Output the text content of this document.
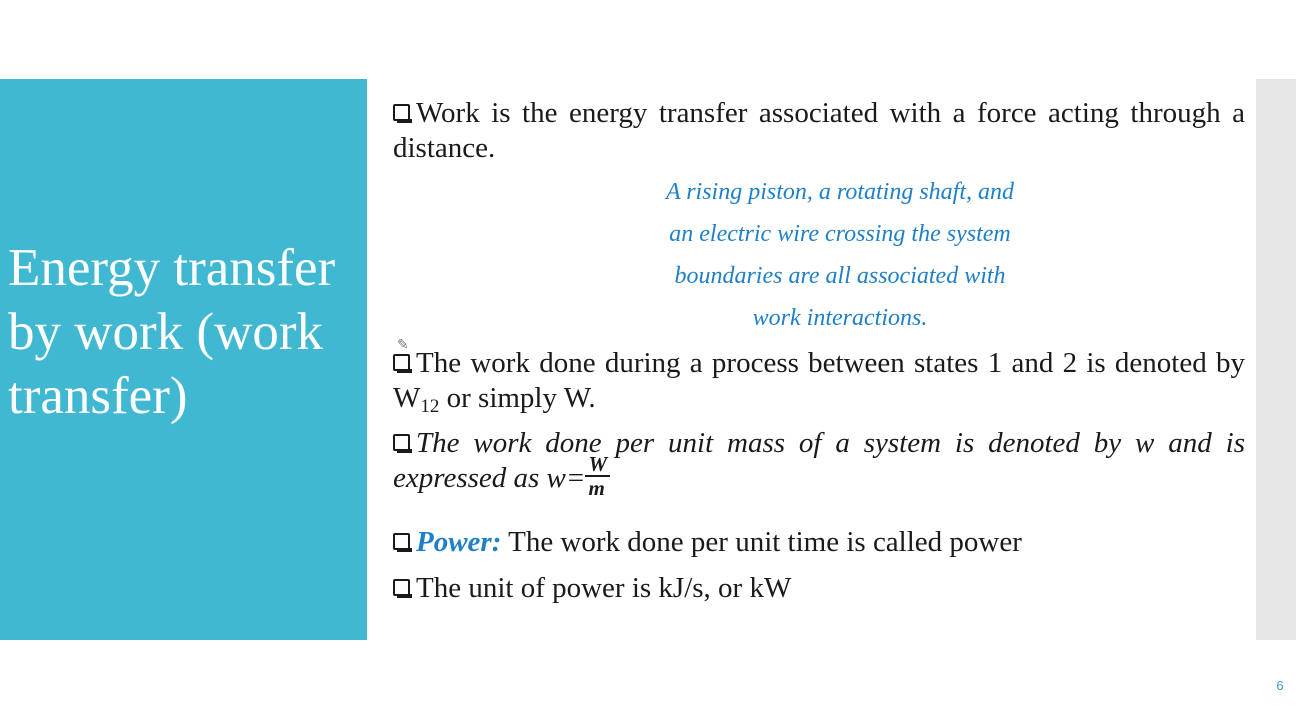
Energy transfer by work (work transfer)
Work is the energy transfer associated with a force acting through a distance.
A rising piston, a rotating shaft, and
an electric wire crossing the system
boundaries are all associated with
work interactions.
✎
The work done during a process between states 1 and 2 is denoted by $W_{12}$ or simply W.
The work done per unit mass of a system is denoted by w and is expressed as $w= \frac{W}{m}$
Power: The work done per unit time is called power
The unit of power is kJ/s, or kW
6
